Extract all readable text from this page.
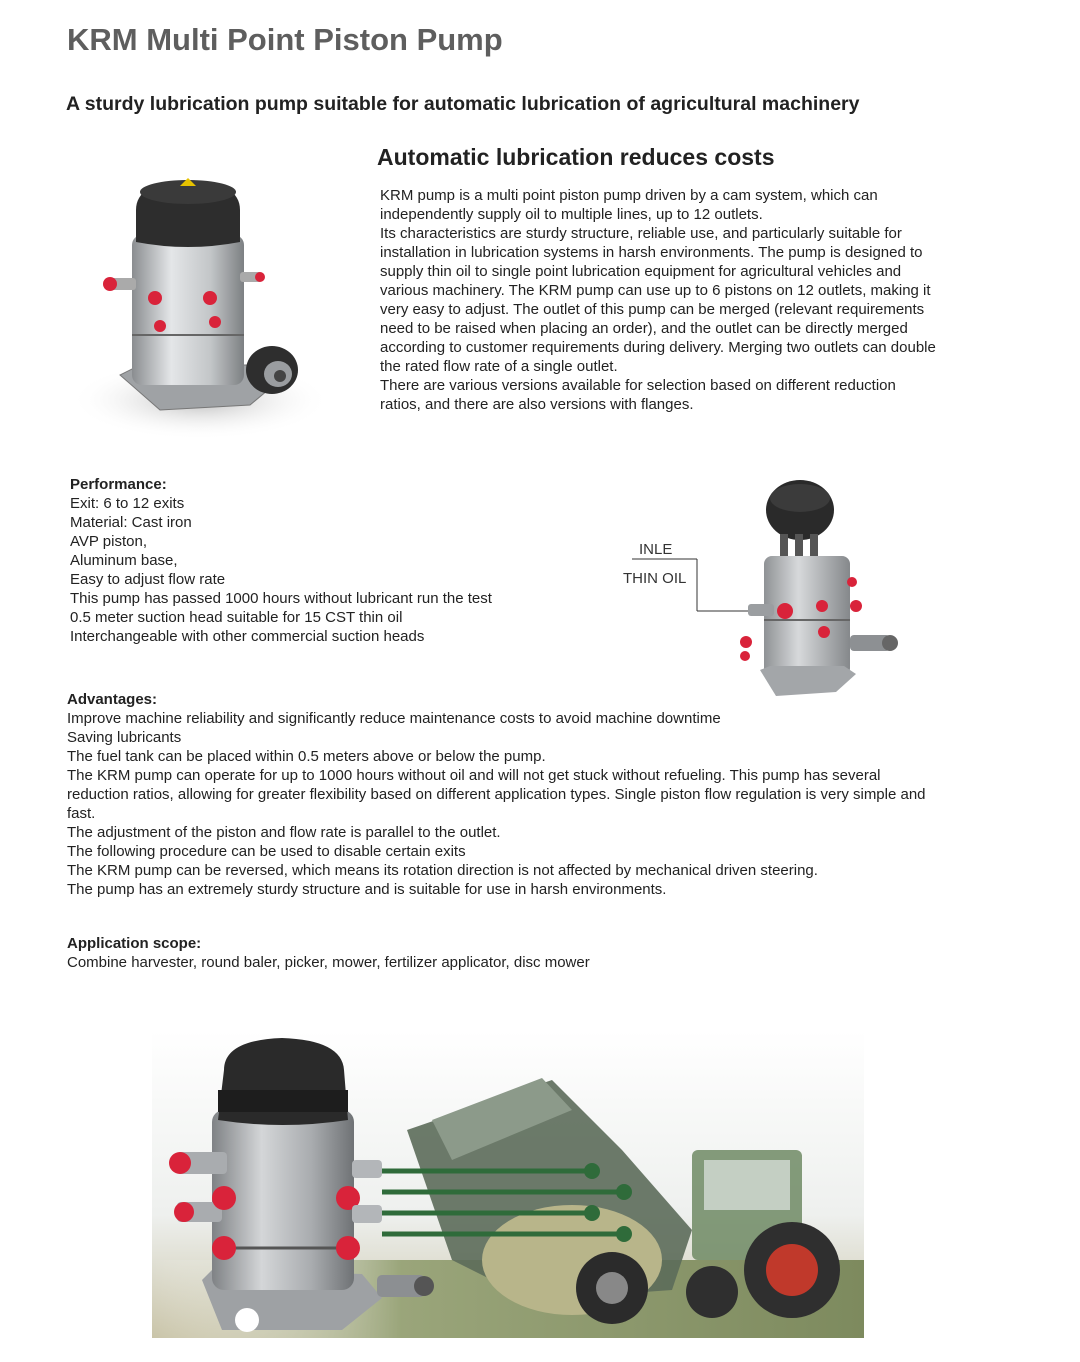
KRM Multi Point Piston Pump
A sturdy lubrication pump suitable for automatic lubrication of agricultural machinery
Automatic lubrication reduces costs

KRM pump is a multi point piston pump driven by a cam system, which can independently supply oil to multiple lines, up to 12 outlets.

Its characteristics are sturdy structure, reliable use, and particularly suitable for installation in lubrication systems in harsh environments. The pump is designed to supply thin oil to single point lubrication equipment for agricultural vehicles and various machinery. The KRM pump can use up to 6 pistons on 12 outlets, making it very easy to adjust. The outlet of this pump can be merged (relevant requirements need to be raised when placing an order), and the outlet can be directly merged according to customer requirements during delivery. Merging two outlets can double the rated flow rate of a single outlet.

There are various versions available for selection based on different reduction ratios, and there are also versions with flanges.

Performance:
Exit: 6 to 12 exits
Material: Cast iron
AVP piston,
Aluminum base,
Easy to adjust flow rate
This pump has passed 1000 hours without lubricant run the test
0.5 meter suction head suitable for 15 CST thin oil
Interchangeable with other commercial suction heads
INLE
THIN OIL
Advantages:
Improve machine reliability and significantly reduce maintenance costs to avoid machine downtime
Saving lubricants
The fuel tank can be placed within 0.5 meters above or below the pump.
The KRM pump can operate for up to 1000 hours without oil and will not get stuck without refueling. This pump has several reduction ratios, allowing for greater flexibility based on different application types. Single piston flow regulation is very simple and fast.
The adjustment of the piston and flow rate is parallel to the outlet.
The following procedure can be used to disable certain exits
The KRM pump can be reversed, which means its rotation direction is not affected by mechanical driven steering.
The pump has an extremely sturdy structure and is suitable for use in harsh environments.
Application scope:
Combine harvester, round baler, picker, mower, fertilizer applicator, disc mower
